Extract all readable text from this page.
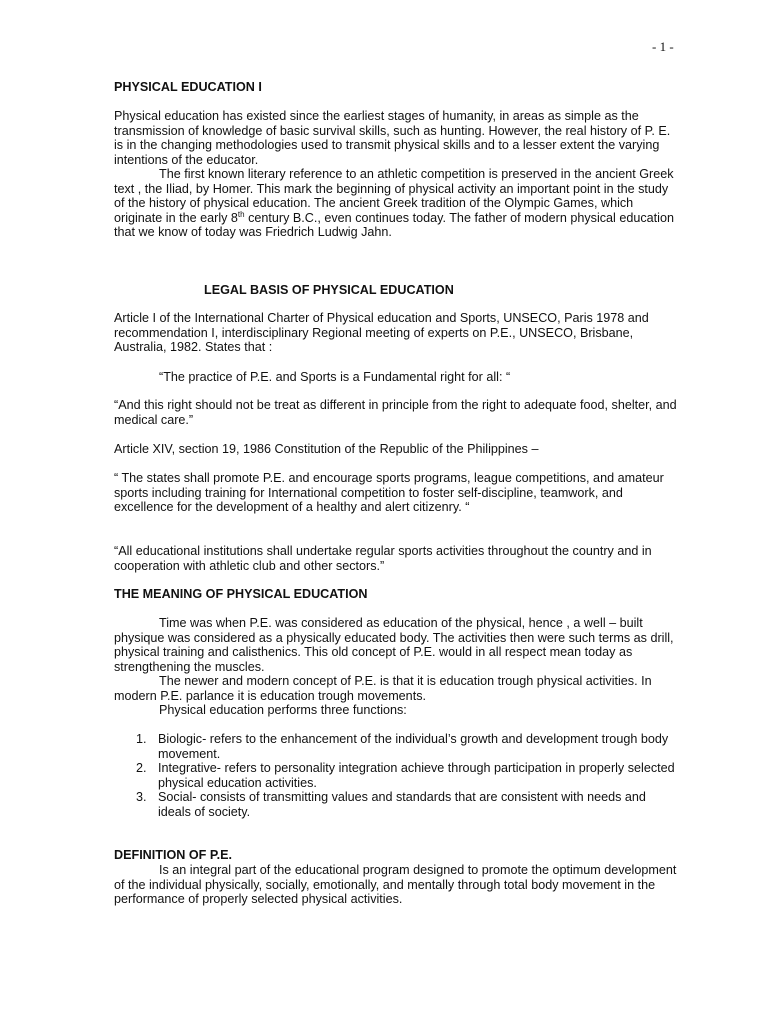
- 1 -
PHYSICAL EDUCATION I

Physical education has existed since the earliest stages of humanity, in areas as simple as the transmission of knowledge of basic survival skills, such as hunting. However, the real history of P. E. is in the changing methodologies used to transmit physical skills and to a lesser extent the varying intentions of the educator.

The first known literary reference to an athletic competition is preserved in the ancient Greek text , the Iliad, by Homer. This mark the beginning of physical activity an important point in the study of the history of physical education. The ancient Greek tradition of the Olympic Games, which originate in the early 8th century B.C., even continues today. The father of modern physical education that we know of today was Friedrich Ludwig Jahn.

LEGAL BASIS OF PHYSICAL EDUCATION

Article I of the International Charter of Physical education and Sports, UNSECO, Paris 1978 and recommendation I, interdisciplinary Regional meeting of experts on P.E., UNSECO, Brisbane, Australia, 1982. States that :

“The practice of P.E. and Sports is a Fundamental right for all: “

“And this right should not be treat as different in principle from the right to adequate food, shelter, and medical care.”

Article XIV, section 19, 1986 Constitution of the Republic of the Philippines –

“ The states shall promote P.E. and encourage sports programs, league competitions, and amateur sports including training for International competition to foster self-discipline, teamwork, and excellence for the development of a healthy and alert citizenry. “

“All educational institutions shall undertake regular sports activities throughout the country and in cooperation with athletic club and other sectors.”

THE MEANING OF PHYSICAL EDUCATION

Time was when P.E. was considered as education of the physical, hence , a well – built physique was considered as a physically educated body. The activities then were such terms as drill, physical training and calisthenics. This old concept of P.E. would in all respect mean today as strengthening the muscles.

The newer and modern concept of P.E. is that it is education trough physical activities. In modern P.E. parlance it is education trough movements.

Physical education performs three functions:

1. Biologic- refers to the enhancement of the individual’s growth and development trough body movement.
2. Integrative- refers to personality integration achieve through participation in properly selected physical education activities.
3. Social- consists of transmitting values and standards that are consistent with needs and ideals of society.
DEFINITION OF P.E.

Is an integral part of the educational program designed to promote the optimum development of the individual physically, socially, emotionally, and mentally through total body movement in the performance of properly selected physical activities.
